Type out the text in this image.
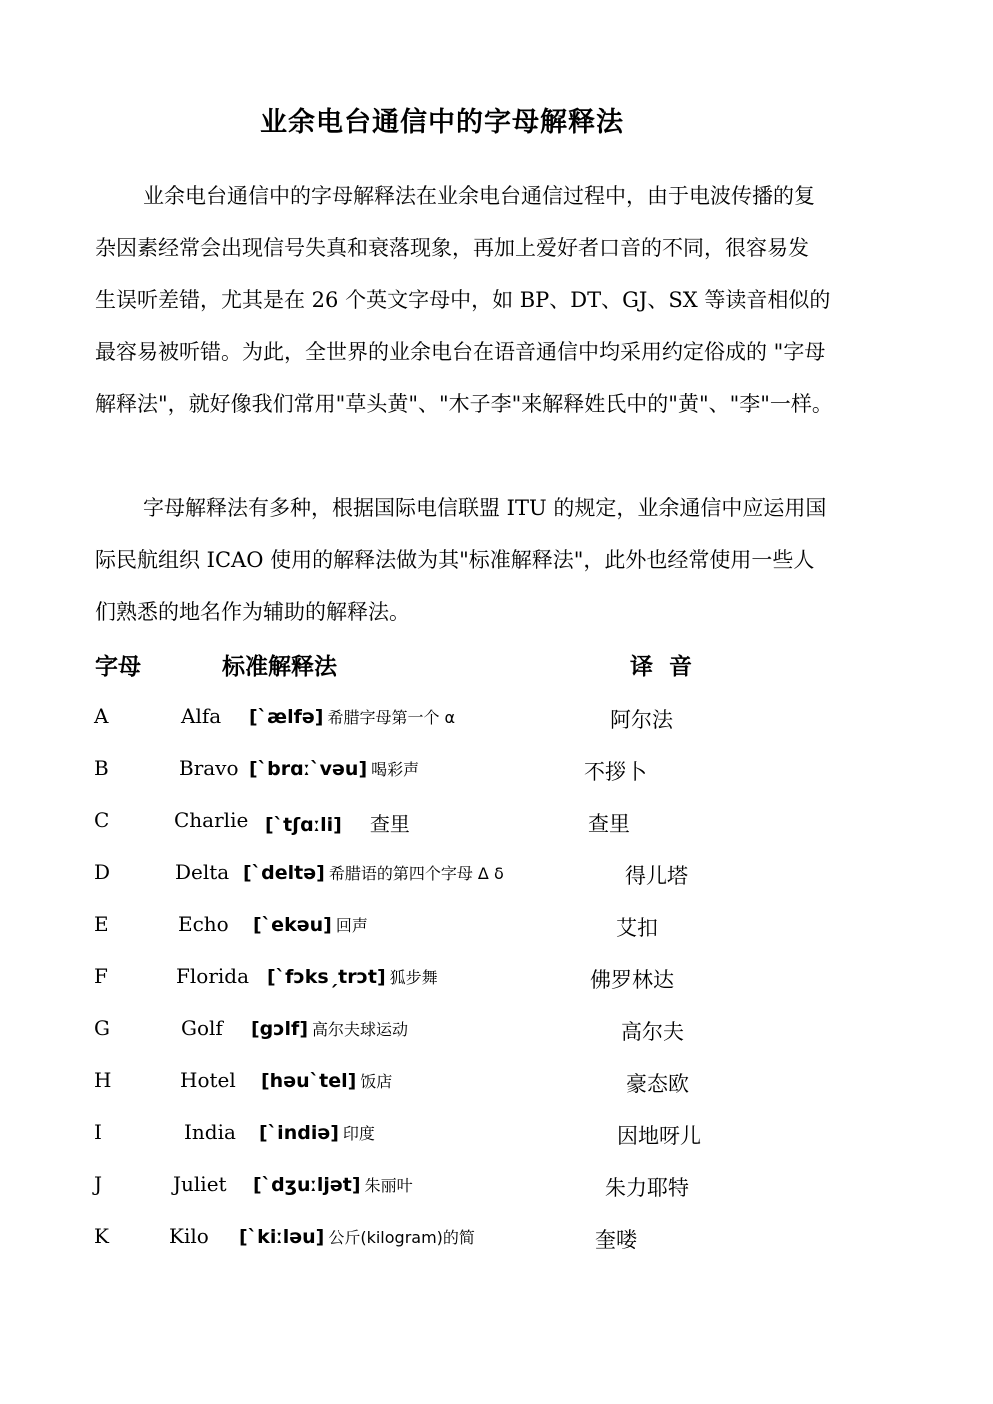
业余电台通信中的字母解释法
业余电台通信中的字母解释法在业余电台通信过程中，由于电波传播的复
杂因素经常会出现信号失真和衰落现象，再加上爱好者口音的不同，很容易发
生误听差错，尤其是在 26 个英文字母中，如 BP、DT、GJ、SX 等读音相似的
最容易被听错。为此，全世界的业余电台在语音通信中均采用约定俗成的 "字母
解释法"，就好像我们常用"草头黄"、"木子李"来解释姓氏中的"黄"、"李"一样。
字母解释法有多种，根据国际电信联盟 ITU 的规定，业余通信中应运用国
际民航组织 ICAO 使用的解释法做为其"标准解释法"，此外也经常使用一些人
们熟悉的地名作为辅助的解释法。
字母	标准解释法	译  音
A	Alfa [ˋælfə] 希腊字母第一个 α	阿尔法
B	Bravo [ˋbrɑːˋvəu] 喝彩声	不拶卜
C	Charlie [ˋtʃɑːli] 查里	查里
D	Delta [ˋdeltə] 希腊语的第四个字母 Δ δ	得儿塔
E	Echo [ˋekəu] 回声	艾扣
F	Florida [ˋfɔksˏtrɔt] 狐步舞	佛罗林达
G	Golf [gɔlf] 高尔夫球运动	高尔夫
H	Hotel [həuˋtel] 饭店	豪态欧
I	India [ˋindiə] 印度	因地呀儿
J	Juliet [ˋdʒuːljət] 朱丽叶	朱力耶特
K	Kilo [ˋkiːləu] 公斤(kilogram)的简	奎喽
